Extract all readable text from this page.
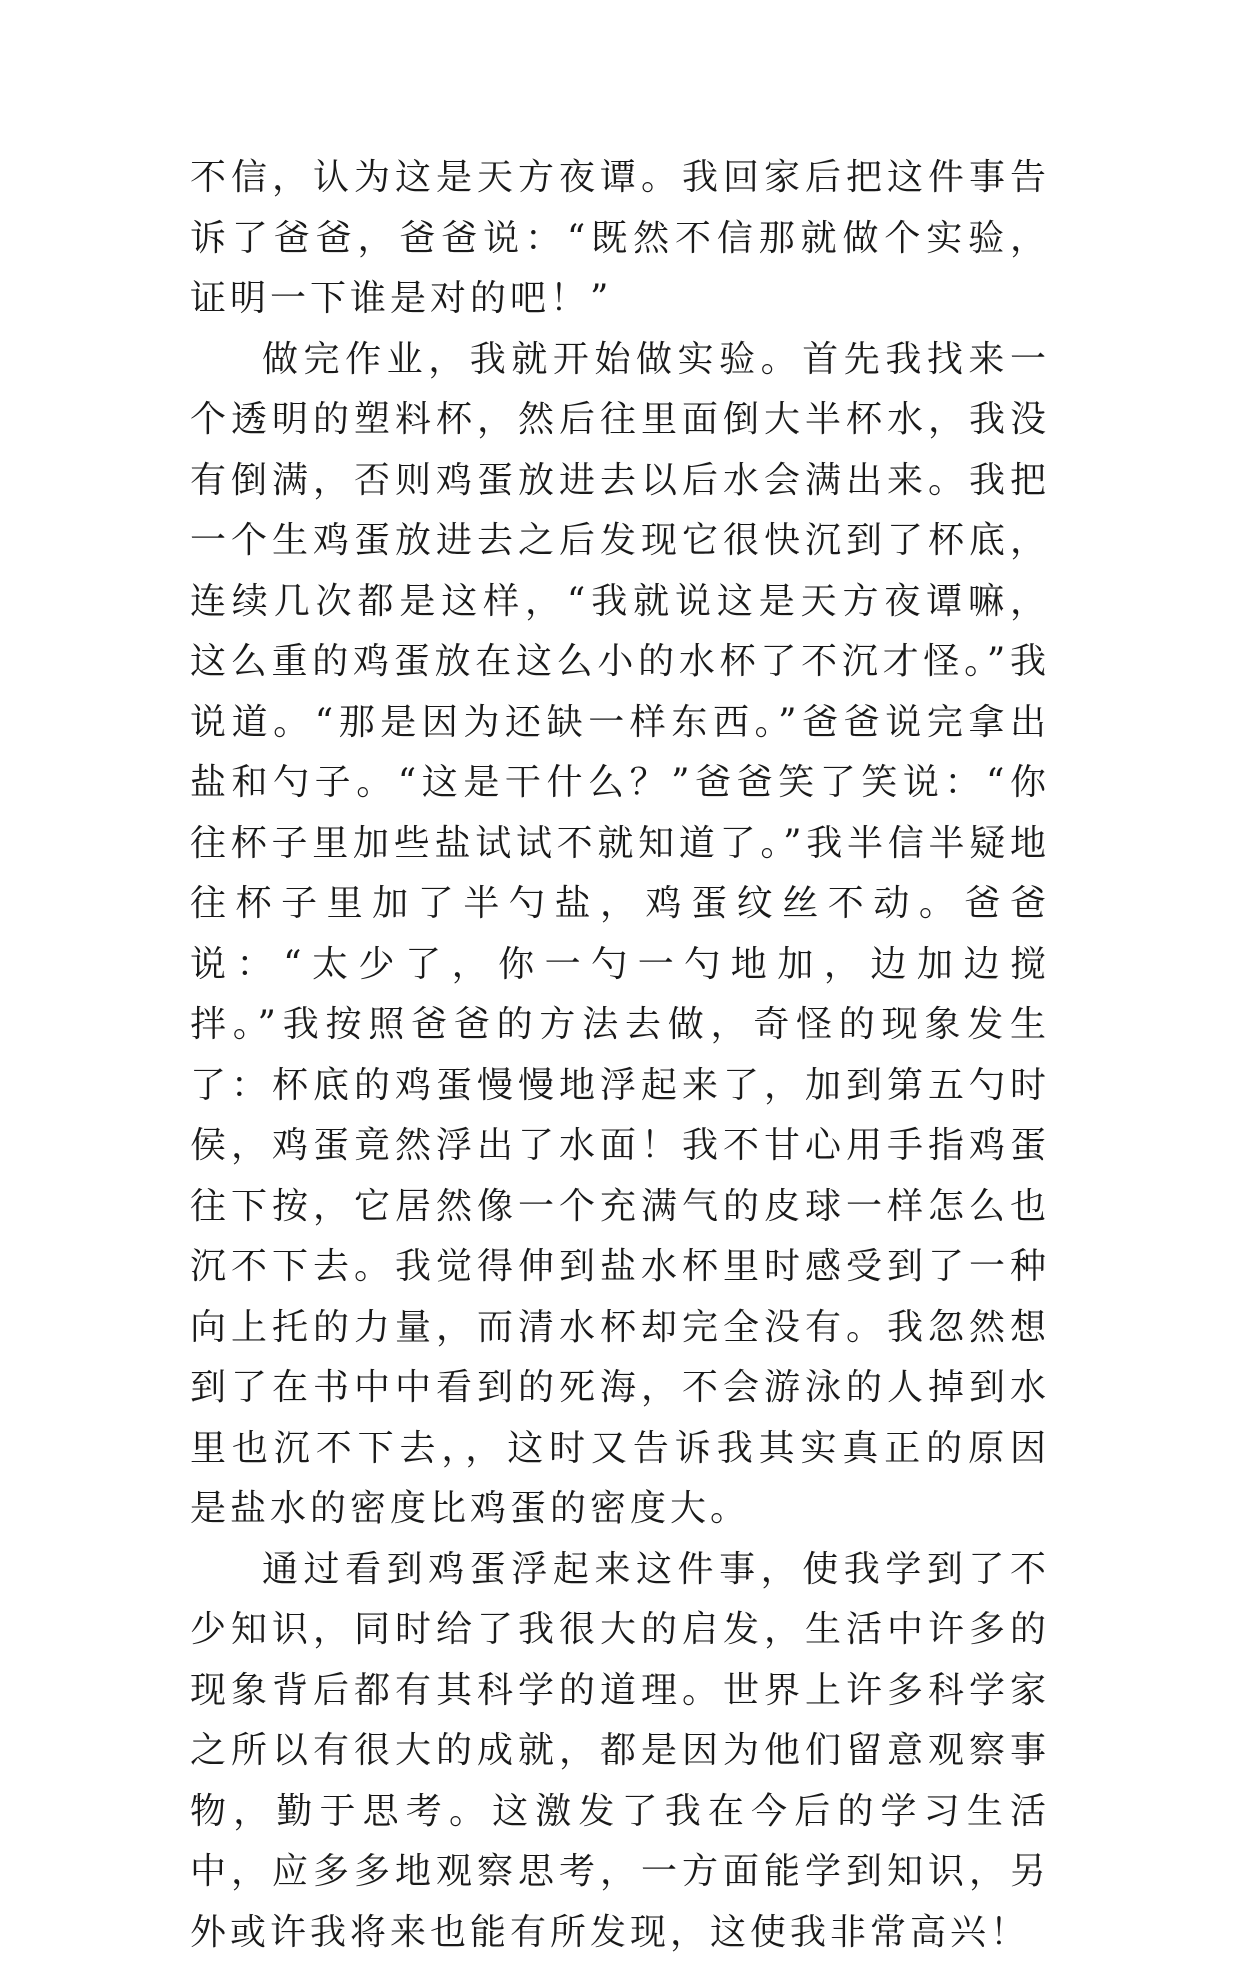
不信，认为这是天方夜谭。我回家后把这件事告诉了爸爸，爸爸说：“既然不信那就做个实验，证明一下谁是对的吧！”

做完作业，我就开始做实验。首先我找来一个透明的塑料杯，然后往里面倒大半杯水，我没有倒满，否则鸡蛋放进去以后水会满出来。我把一个生鸡蛋放进去之后发现它很快沉到了杯底，连续几次都是这样，“我就说这是天方夜谭嘛，这么重的鸡蛋放在这么小的水杯了不沉才怪。”我说道。“那是因为还缺一样东西。”爸爸说完拿出盐和勺子。“这是干什么？”爸爸笑了笑说：“你往杯子里加些盐试试不就知道了。”我半信半疑地往杯子里加了半勺盐，鸡蛋纹丝不动。爸爸说：“太少了，你一勺一勺地加，边加边搅拌。”我按照爸爸的方法去做，奇怪的现象发生了：杯底的鸡蛋慢慢地浮起来了，加到第五勺时侯，鸡蛋竟然浮出了水面！我不甘心用手指鸡蛋往下按，它居然像一个充满气的皮球一样怎么也沉不下去。我觉得伸到盐水杯里时感受到了一种向上托的力量，而清水杯却完全没有。我忽然想到了在书中中看到的死海，不会游泳的人掉到水里也沉不下去，，这时又告诉我其实真正的原因是盐水的密度比鸡蛋的密度大。

通过看到鸡蛋浮起来这件事，使我学到了不少知识，同时给了我很大的启发，生活中许多的现象背后都有其科学的道理。世界上许多科学家之所以有很大的成就，都是因为他们留意观察事物，勤于思考。这激发了我在今后的学习生活中，应多多地观察思考，一方面能学到知识，另外或许我将来也能有所发现，这使我非常高兴！
